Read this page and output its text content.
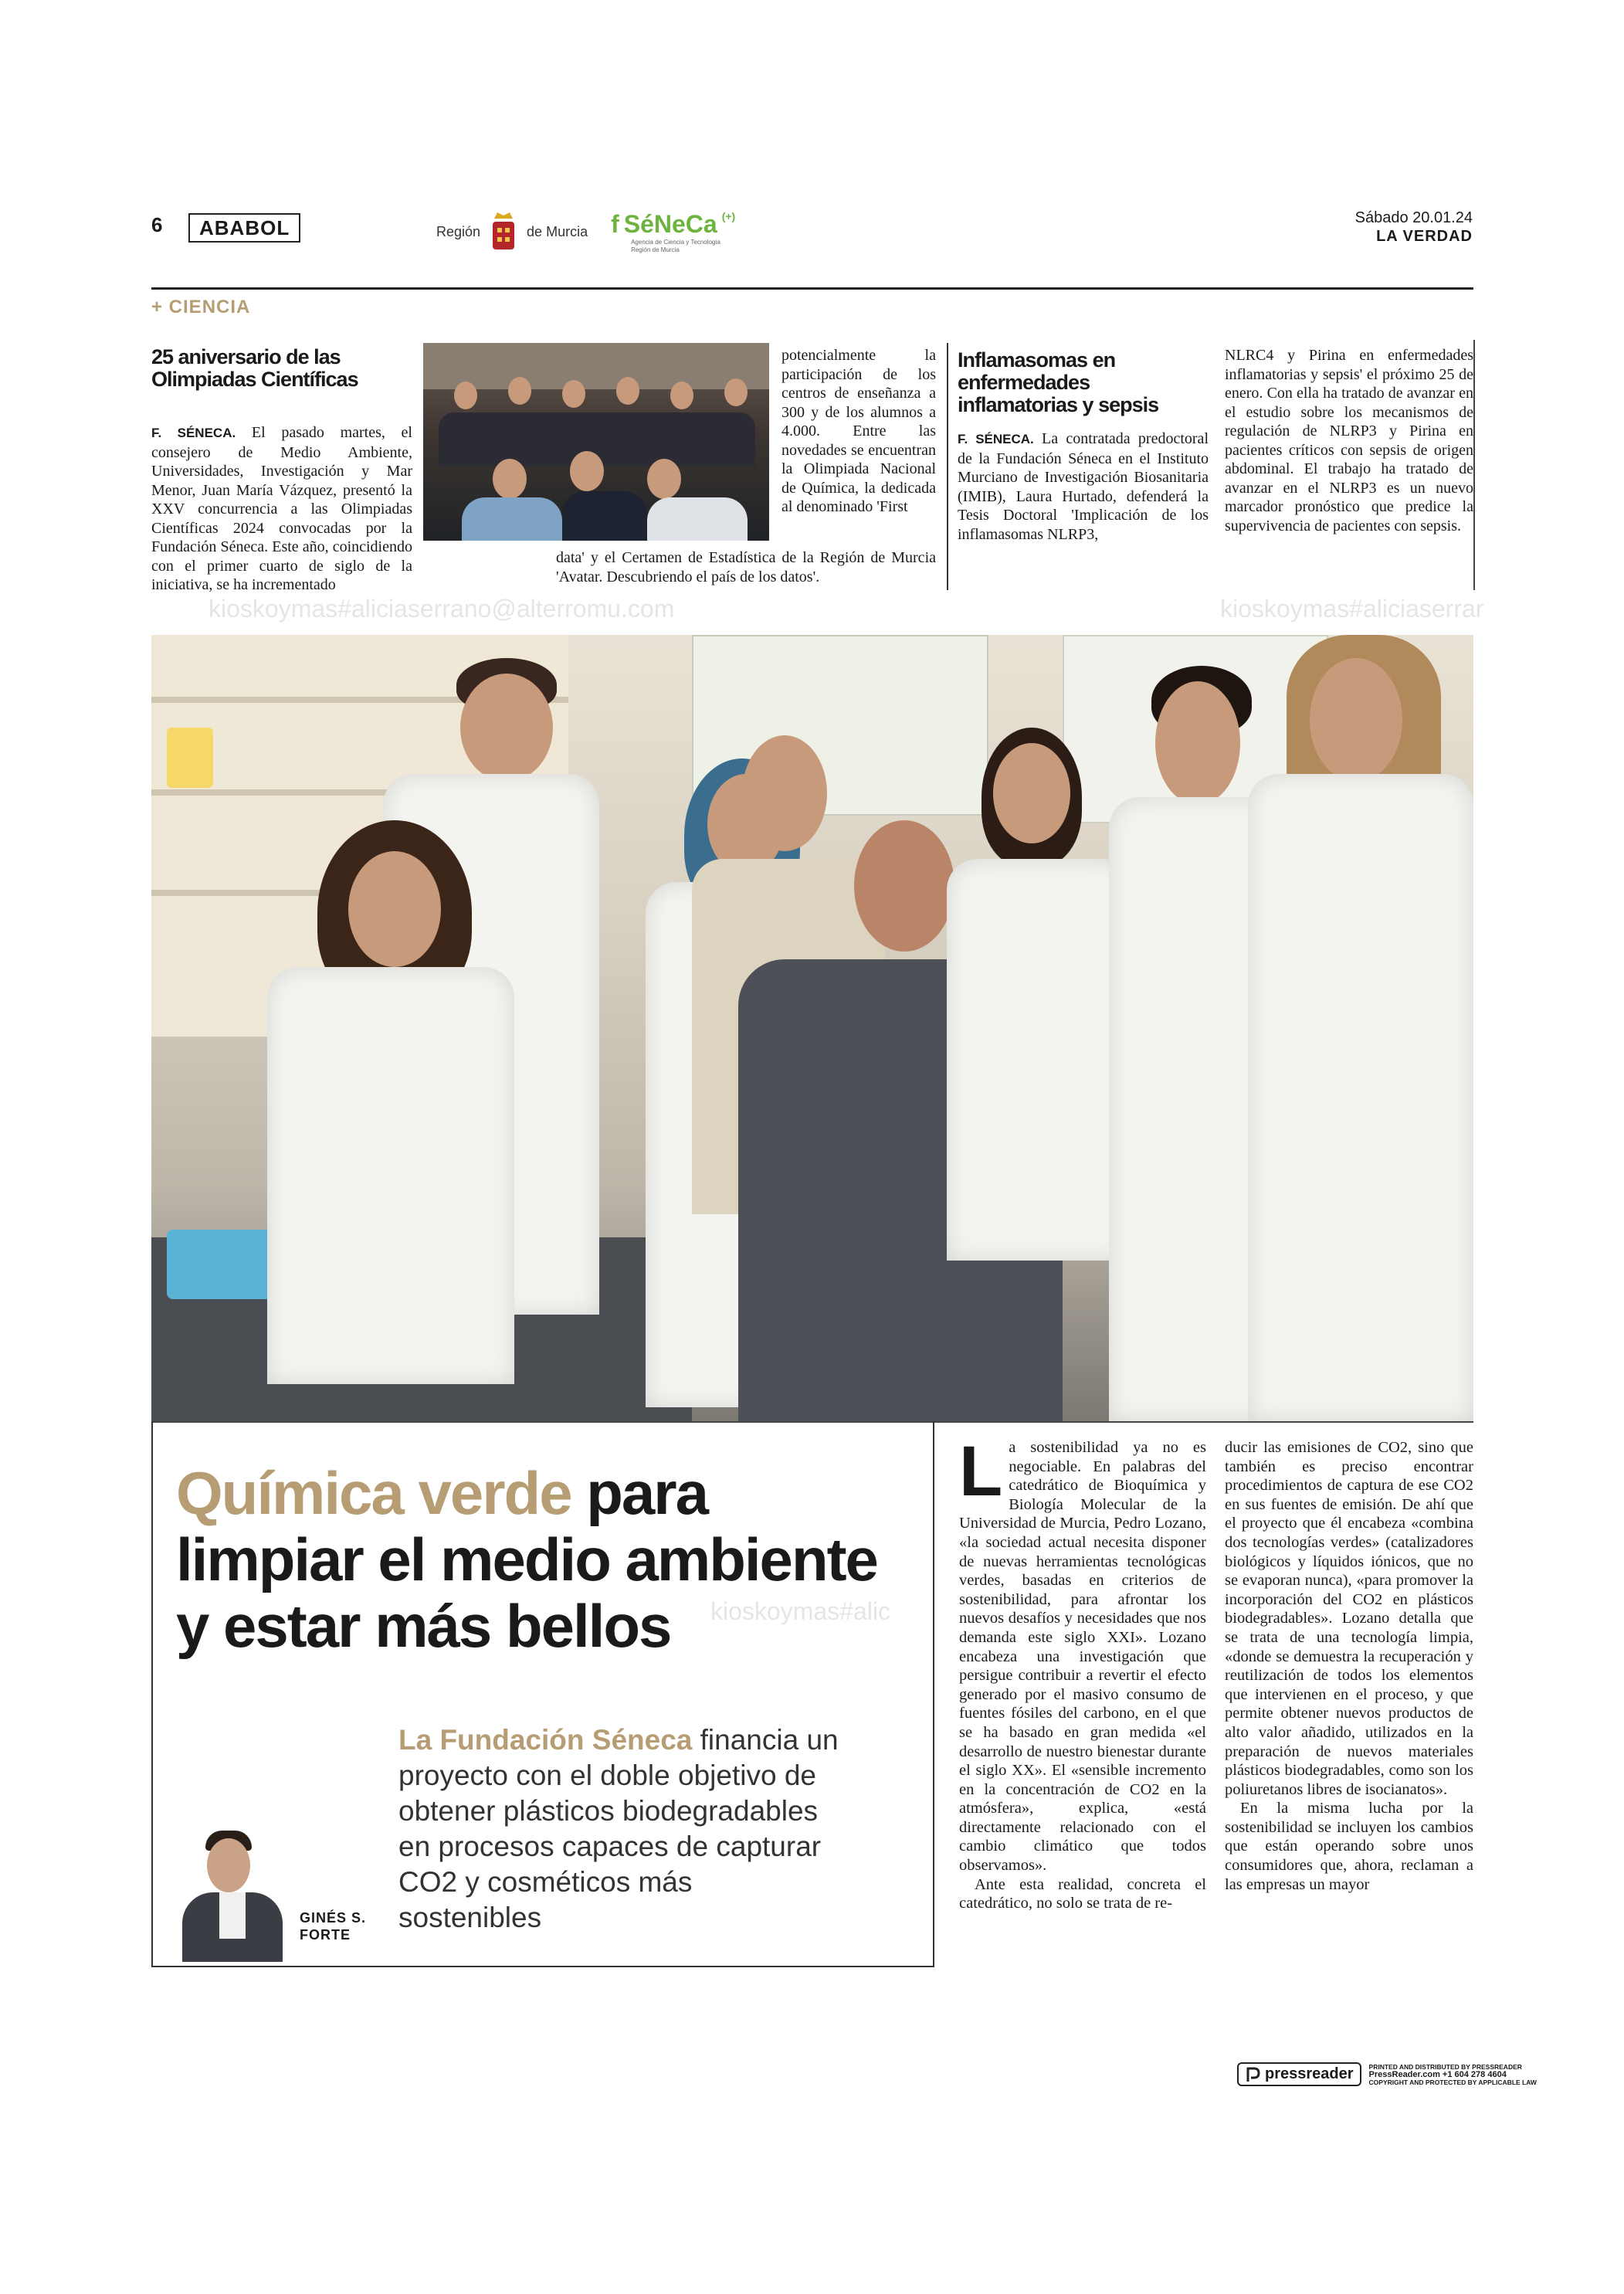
6	ABABOL	Región	de Murcia f SéNeCa (+)
Agencia de Ciencia y Tecnología
Región de Murcia
Sábado 20.01.24
LA VERDAD
+ CIENCIA
25 aniversario de las
Olimpiadas Científicas
F. SÉNECA. El pasado martes, el consejero de Medio Ambiente, Universidades, Investigación y Mar Menor, Juan María Vázquez, presentó la XXV concurrencia a las Olimpiadas Científicas 2024 convocadas por la Fundación Séneca. Este año, coincidiendo con el primer cuarto de siglo de la iniciativa, se ha incrementado
potencialmente la participación de los centros de enseñanza a 300 y de los alumnos a 4.000. Entre las novedades se encuentran la Olimpiada Nacional de Química, la dedicada al denominado 'First
data' y el Certamen de Estadística de la Región de Murcia 'Avatar. Descubriendo el país de los datos'.
Inflamasomas en
enfermedades
inflamatorias y sepsis
F. SÉNECA. La contratada predoctoral de la Fundación Séneca en el Instituto Murciano de Investigación Biosanitaria (IMIB), Laura Hurtado, defenderá la Tesis Doctoral 'Implicación de los inflamasomas NLRP3,
NLRC4 y Pirina en enfermedades inflamatorias y sepsis' el próximo 25 de enero. Con ella ha tratado de avanzar en el estudio sobre los mecanismos de regulación de NLRP3 y Pirina en pacientes críticos con sepsis de origen abdominal. El trabajo ha tratado de avanzar en el NLRP3 es un nuevo marcador pronóstico que predice la supervivencia de pacientes con sepsis.
kioskoymas#aliciaserrano@alterromu.com	kioskoymas#aliciaserrar
Química verde para
limpiar el medio ambiente
y estar más bellos
La Fundación Séneca financia un proyecto con el doble objetivo de obtener plásticos biodegradables en procesos capaces de capturar CO2 y cosméticos más sostenibles
GINÉS S.
FORTE
kioskoymas#alic
L a sostenibilidad ya no es negociable. En palabras del catedrático de Bioquímica y Biología Molecular de la Universidad de Murcia, Pedro Lozano, «la sociedad actual necesita disponer de nuevas herramientas tecnológicas verdes, basadas en criterios de sostenibilidad, para afrontar los nuevos desafíos y necesidades que nos demanda este siglo XXI». Lozano encabeza una investigación que persigue contribuir a revertir el efecto generado por el masivo consumo de fuentes fósiles del carbono, en el que se ha basado en gran medida «el desarrollo de nuestro bienestar durante el siglo XX». El «sensible incremento en la concentración de CO2 en la atmósfera», explica, «está directamente relacionado con el cambio climático que todos observamos».
Ante esta realidad, concreta el catedrático, no solo se trata de re-
ducir las emisiones de CO2, sino que también es preciso encontrar procedimientos de captura de ese CO2 en sus fuentes de emisión. De ahí que el proyecto que él encabeza «combina dos tecnologías verdes» (catalizadores biológicos y líquidos iónicos, que no se evaporan nunca), «para promover la incorporación del CO2 en plásticos biodegradables». Lozano detalla que se trata de una tecnología limpia, «donde se demuestra la recuperación y reutilización de todos los elementos que intervienen en el proceso, y que permite obtener nuevos productos de alto valor añadido, utilizados en la preparación de nuevos materiales plásticos biodegradables, como son los poliuretanos libres de isocianatos».
En la misma lucha por la sostenibilidad se incluyen los cambios que están operando sobre unos consumidores que, ahora, reclaman a las empresas un mayor
pressreader PRINTED AND DISTRIBUTED BY PRESSREADER
PressReader.com +1 604 278 4604
COPYRIGHT AND PROTECTED BY APPLICABLE LAW
